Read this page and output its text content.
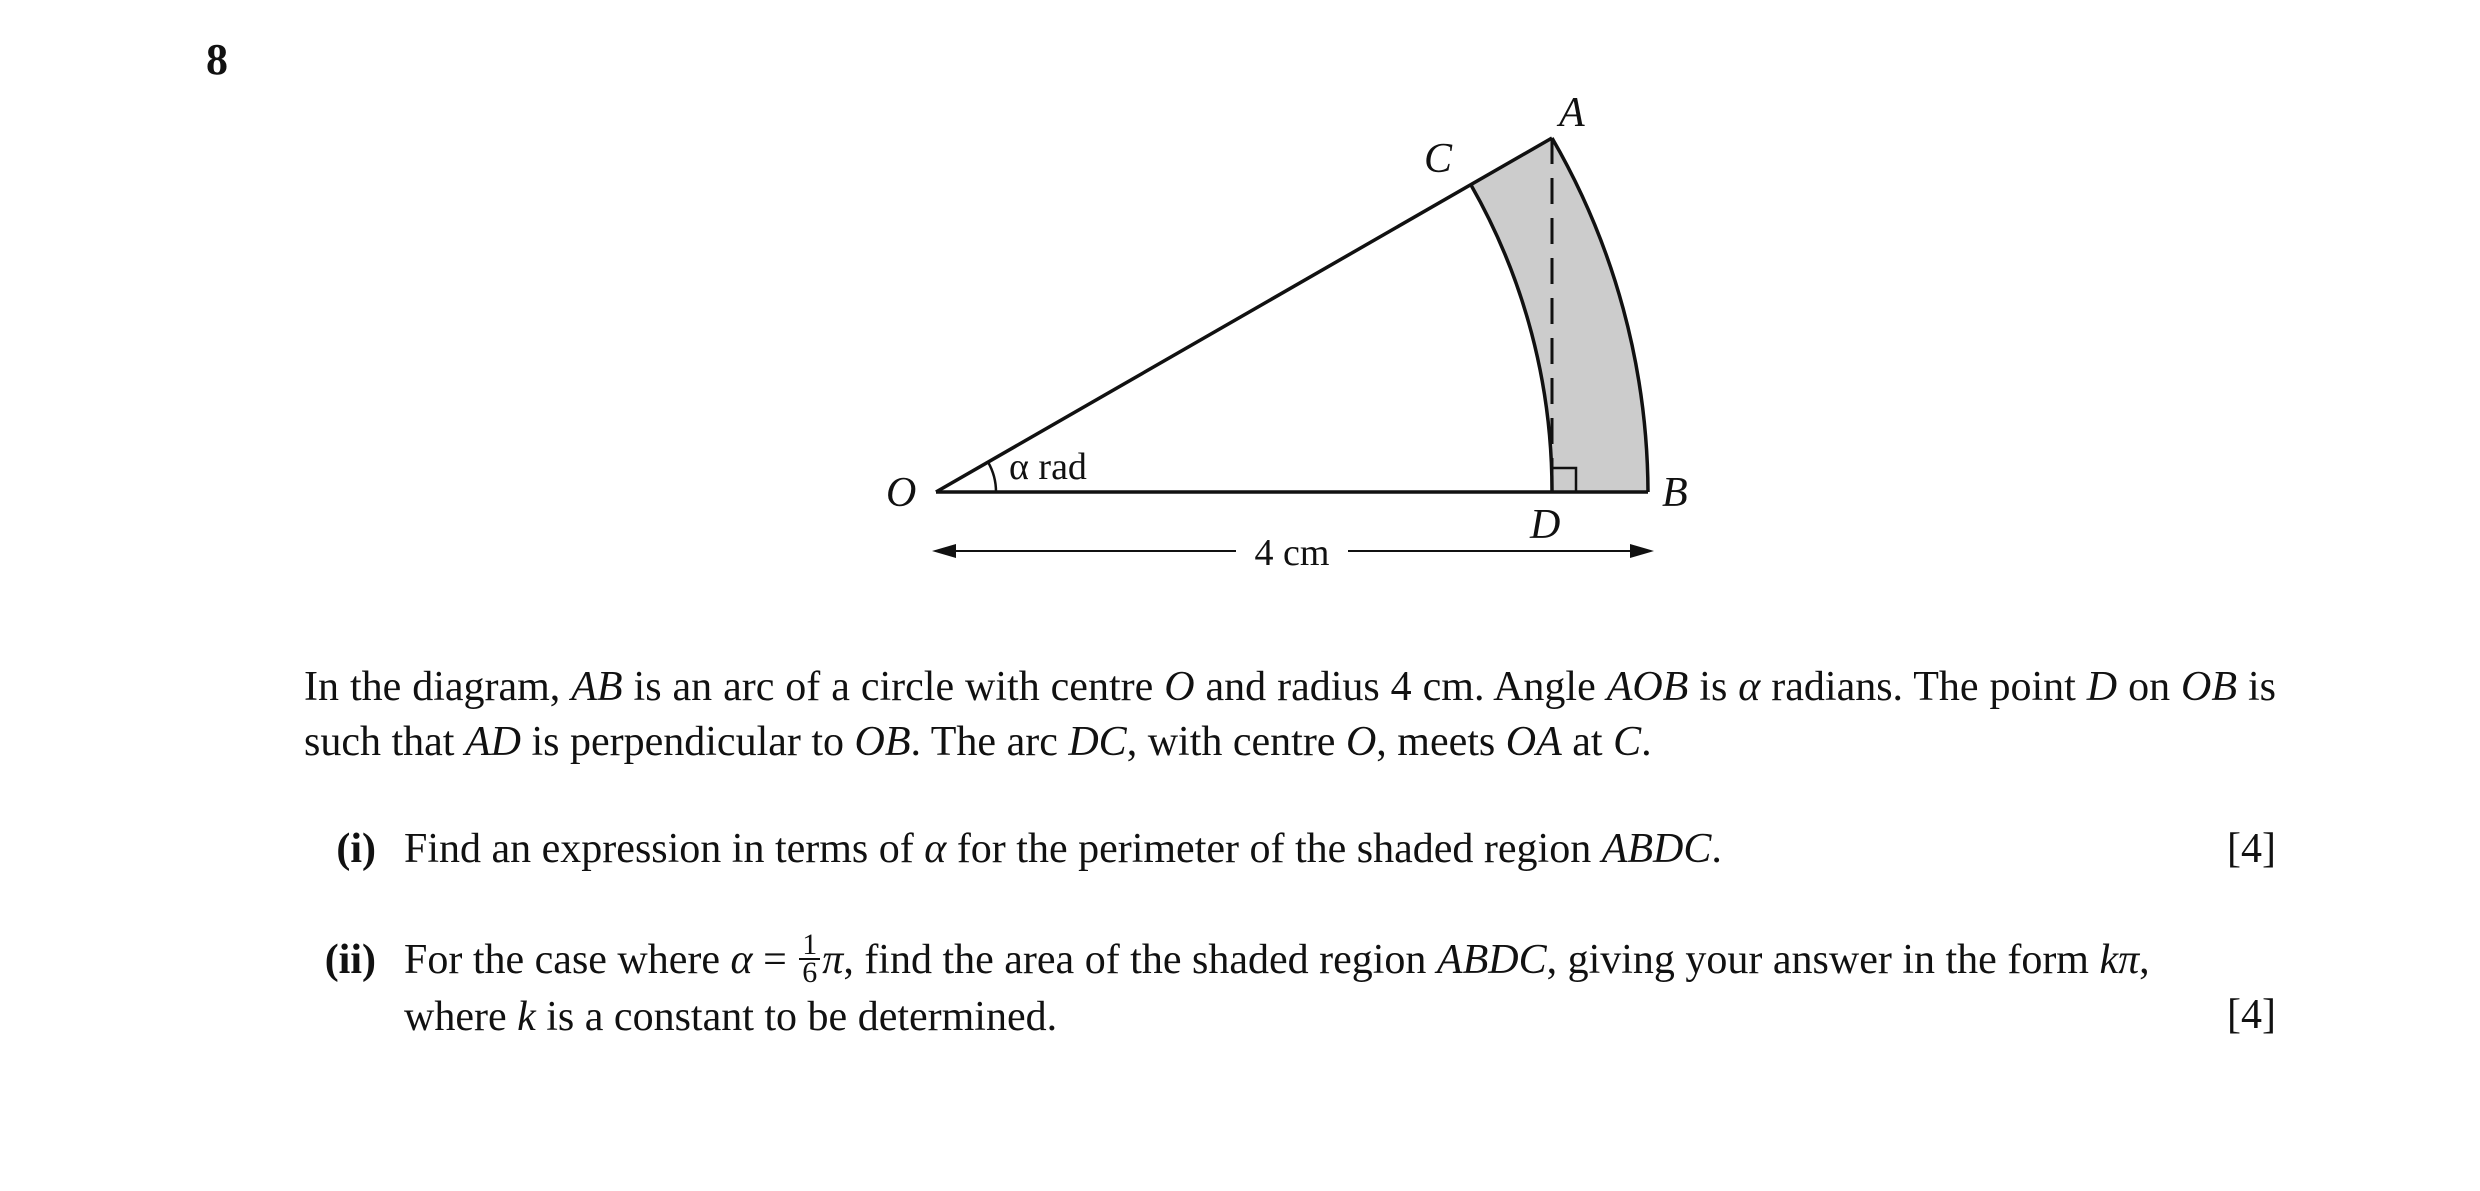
8
A
C
O	B
D
α rad
4 cm
In the diagram, AB is an arc of a circle with centre O and radius 4 cm. Angle AOB is α radians. The point D on OB is such that AD is perpendicular to OB. The arc DC, with centre O, meets OA at C.
(i) Find an expression in terms of α for the perimeter of the shaded region ABDC.	[4]
(ii) For the case where $\alpha = \frac{1}{6} \pi$, find the area of the shaded region ABDC, giving your answer in the form kπ, where k is a constant to be determined.	[4]
